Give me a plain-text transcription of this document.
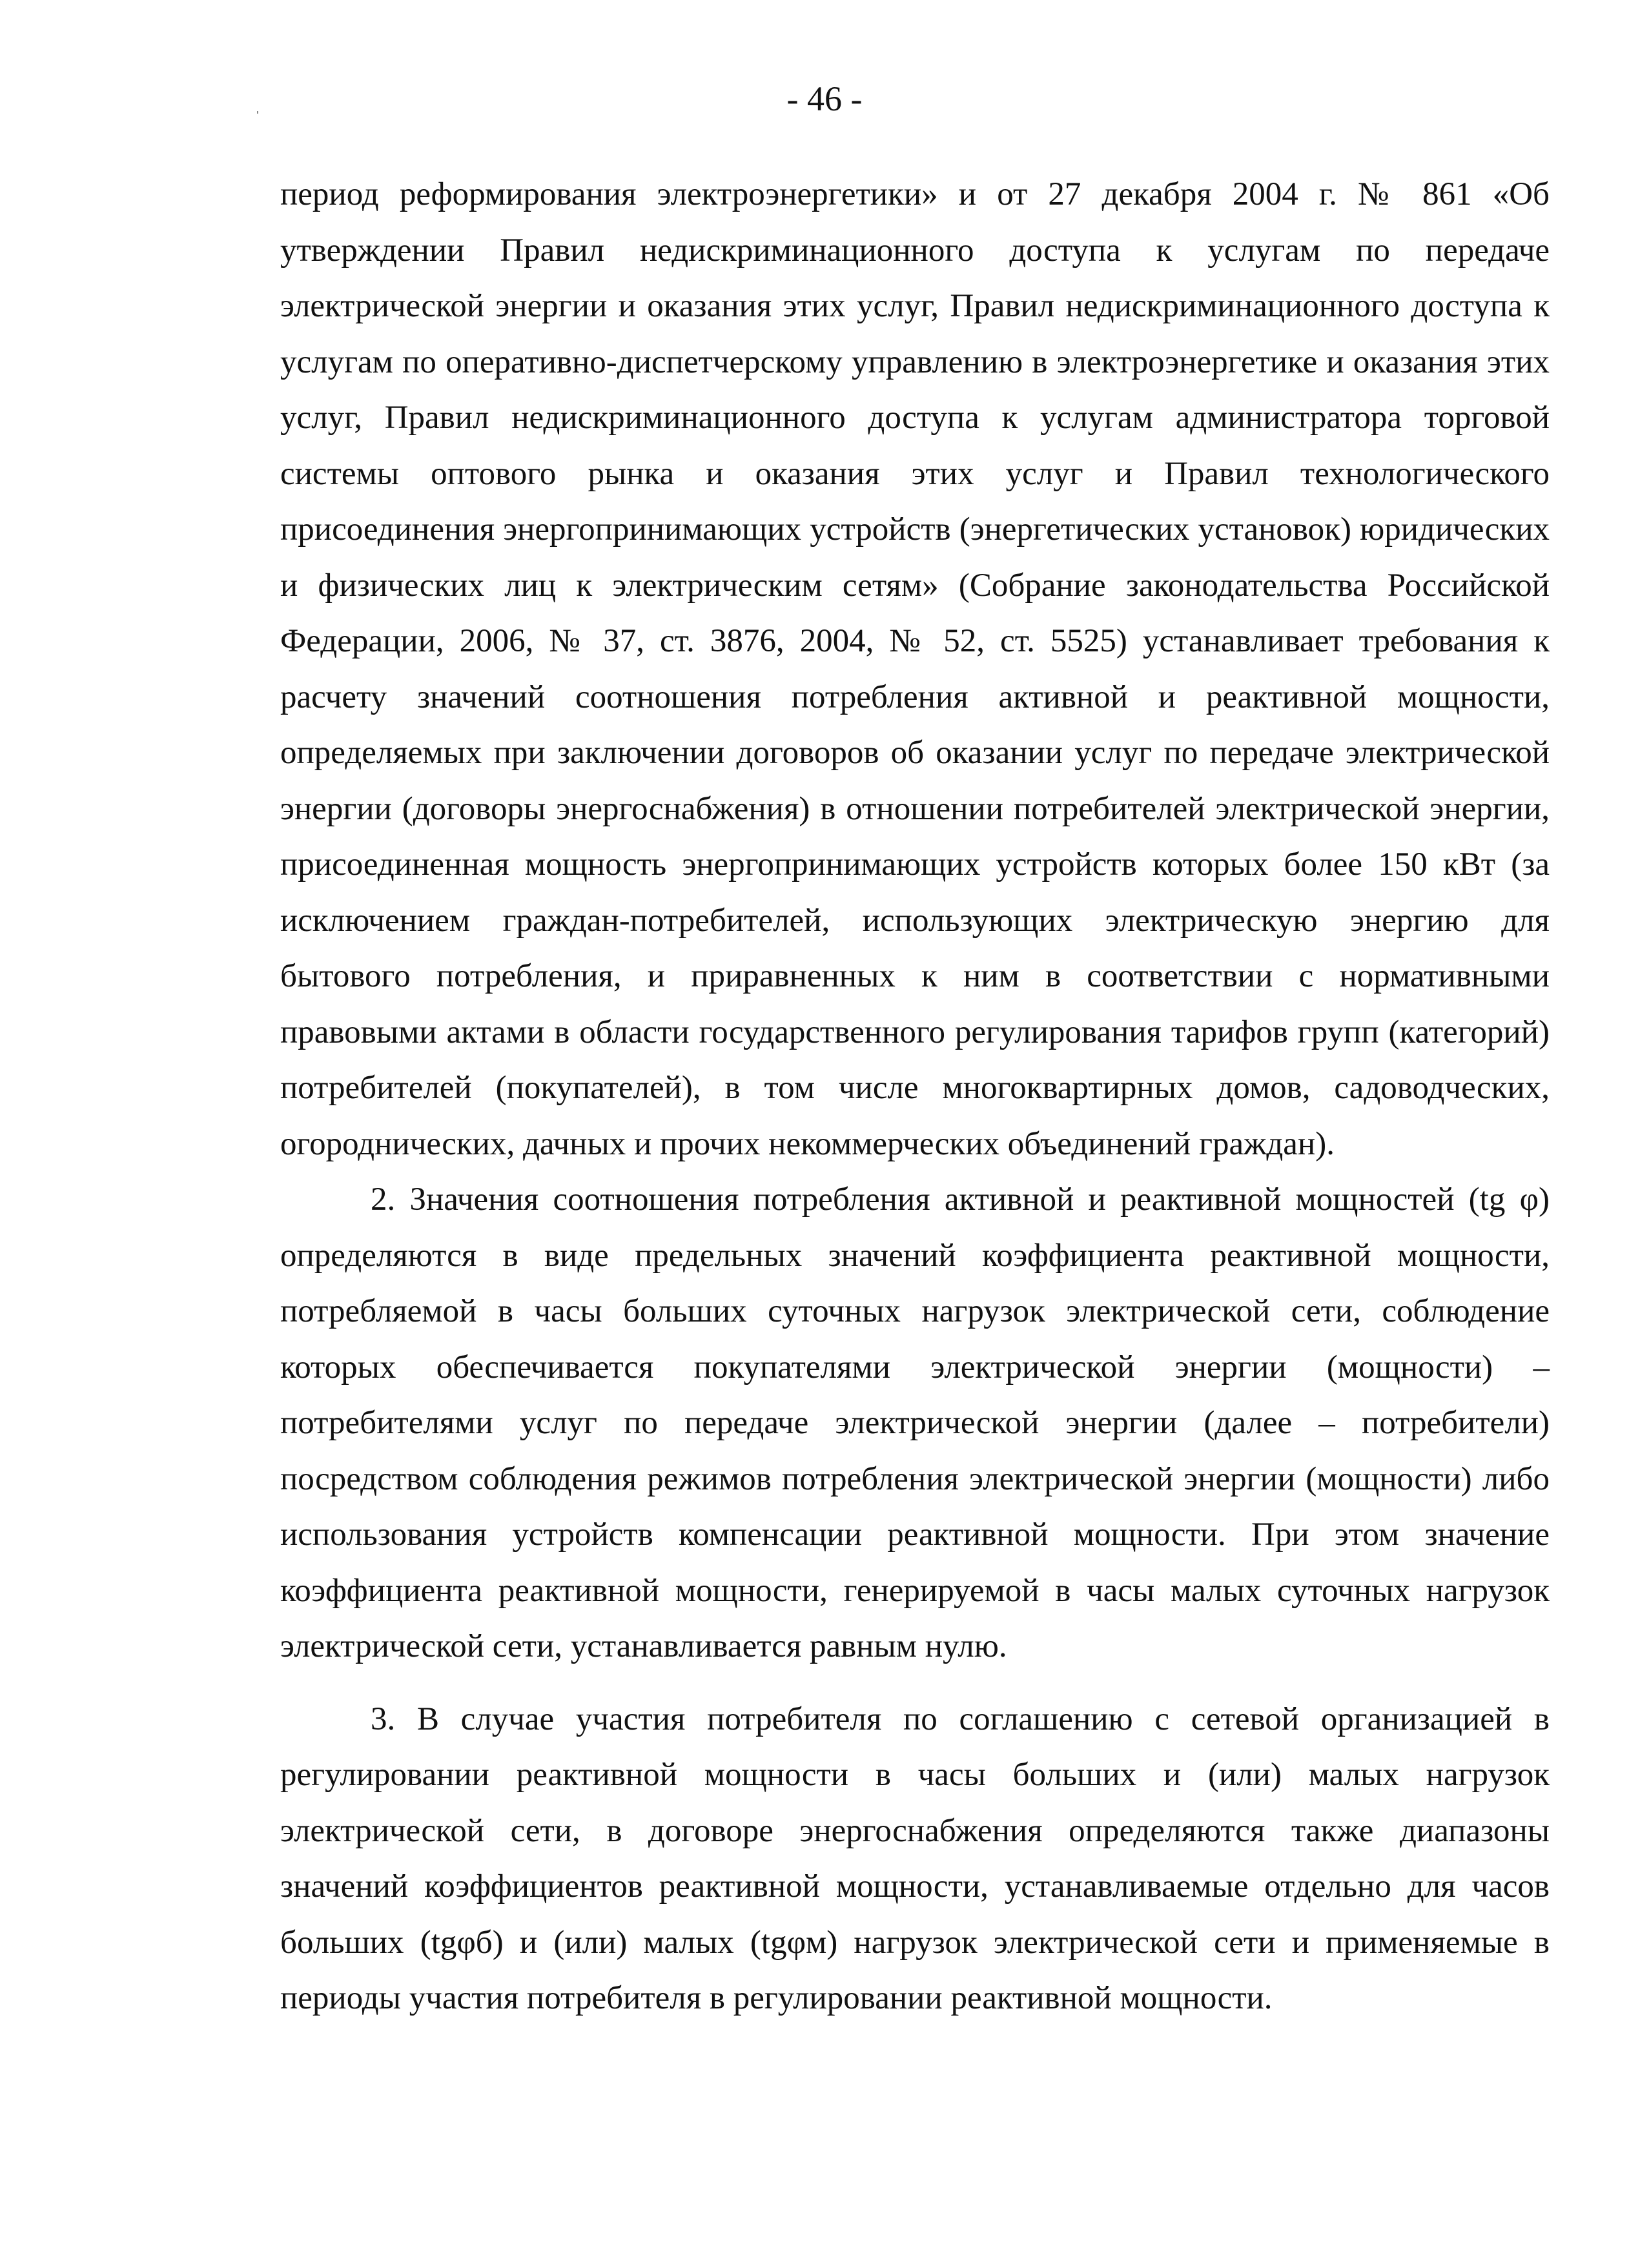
- 46 -

период реформирования электроэнергетики» и от 27 декабря 2004 г. № 861 «Об утверждении Правил недискриминационного доступа к услугам по передаче электрической энергии и оказания этих услуг, Правил недискриминационного доступа к услугам по оперативно-диспетчерскому управлению в электроэнергетике и оказания этих услуг, Правил недискриминационного доступа к услугам администратора торговой системы оптового рынка и оказания этих услуг и Правил технологического присоединения энергопринимающих устройств (энергетических установок) юридических и физических лиц к электрическим сетям» (Собрание законодательства Российской Федерации, 2006, № 37, ст. 3876, 2004, № 52, ст. 5525) устанавливает требования к расчету значений соотношения потребления активной и реактивной мощности, определяемых при заключении договоров об оказании услуг по передаче электрической энергии (договоры энергоснабжения) в отношении потребителей электрической энергии, присоединенная мощность энергопринимающих устройств которых более 150 кВт (за исключением граждан-потребителей, использующих электрическую энергию для бытового потребления, и приравненных к ним в соответствии с нормативными правовыми актами в области государственного регулирования тарифов групп (категорий) потребителей (покупателей), в том числе многоквартирных домов, садоводческих, огороднических, дачных и прочих некоммерческих объединений граждан).

2. Значения соотношения потребления активной и реактивной мощностей (tg φ) определяются в виде предельных значений коэффициента реактивной мощности, потребляемой в часы больших суточных нагрузок электрической сети, соблюдение которых обеспечивается покупателями электрической энергии (мощности) – потребителями услуг по передаче электрической энергии (далее – потребители) посредством соблюдения режимов потребления электрической энергии (мощности) либо использования устройств компенсации реактивной мощности. При этом значение коэффициента реактивной мощности, генерируемой в часы малых суточных нагрузок электрической сети, устанавливается равным нулю.

3. В случае участия потребителя по соглашению с сетевой организацией в регулировании реактивной мощности в часы больших и (или) малых нагрузок электрической сети, в договоре энергоснабжения определяются также диапазоны значений коэффициентов реактивной мощности, устанавливаемые отдельно для часов больших (tgφб) и (или) малых (tgφм) нагрузок электрической сети и применяемые в периоды участия потребителя в регулировании реактивной мощности.
